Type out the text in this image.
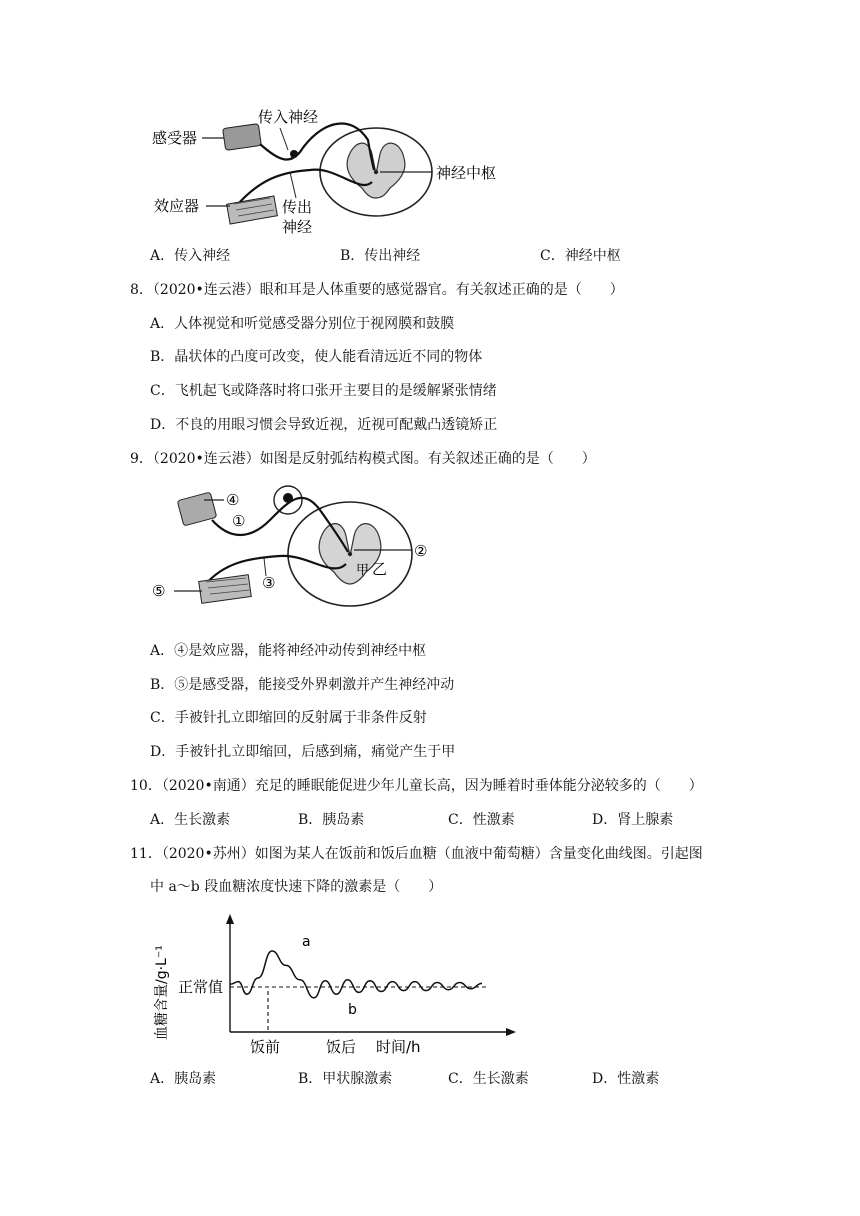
感受器
传入神经
效应器	传出
神经
神经中枢
A．传入神经	B．传出神经	C．神经中枢
8．（2020•连云港）眼和耳是人体重要的感觉器官。有关叙述正确的是（　　）
A．人体视觉和听觉感受器分别位于视网膜和鼓膜
B．晶状体的凸度可改变，使人能看清远近不同的物体
C．飞机起飞或降落时将口张开主要目的是缓解紧张情绪
D．不良的用眼习惯会导致近视，近视可配戴凸透镜矫正
9．（2020•连云港）如图是反射弧结构模式图。有关叙述正确的是（　　）
④
①
②
③
⑤
甲 乙
A．④是效应器，能将神经冲动传到神经中枢
B．⑤是感受器，能接受外界刺激并产生神经冲动
C．手被针扎立即缩回的反射属于非条件反射
D．手被针扎立即缩回，后感到痛，痛觉产生于甲
10．（2020•南通）充足的睡眠能促进少年儿童长高，因为睡着时垂体能分泌较多的（　　）
A．生长激素	B．胰岛素	C．性激素	D．肾上腺素
11．（2020•苏州）如图为某人在饭前和饭后血糖（血液中葡萄糖）含量变化曲线图。引起图
中 a～b 段血糖浓度快速下降的激素是（　　）
正常值
饭前	饭后 时间/h
a
b
血糖含量/g·L⁻¹
A．胰岛素	B．甲状腺激素	C．生长激素	D．性激素
